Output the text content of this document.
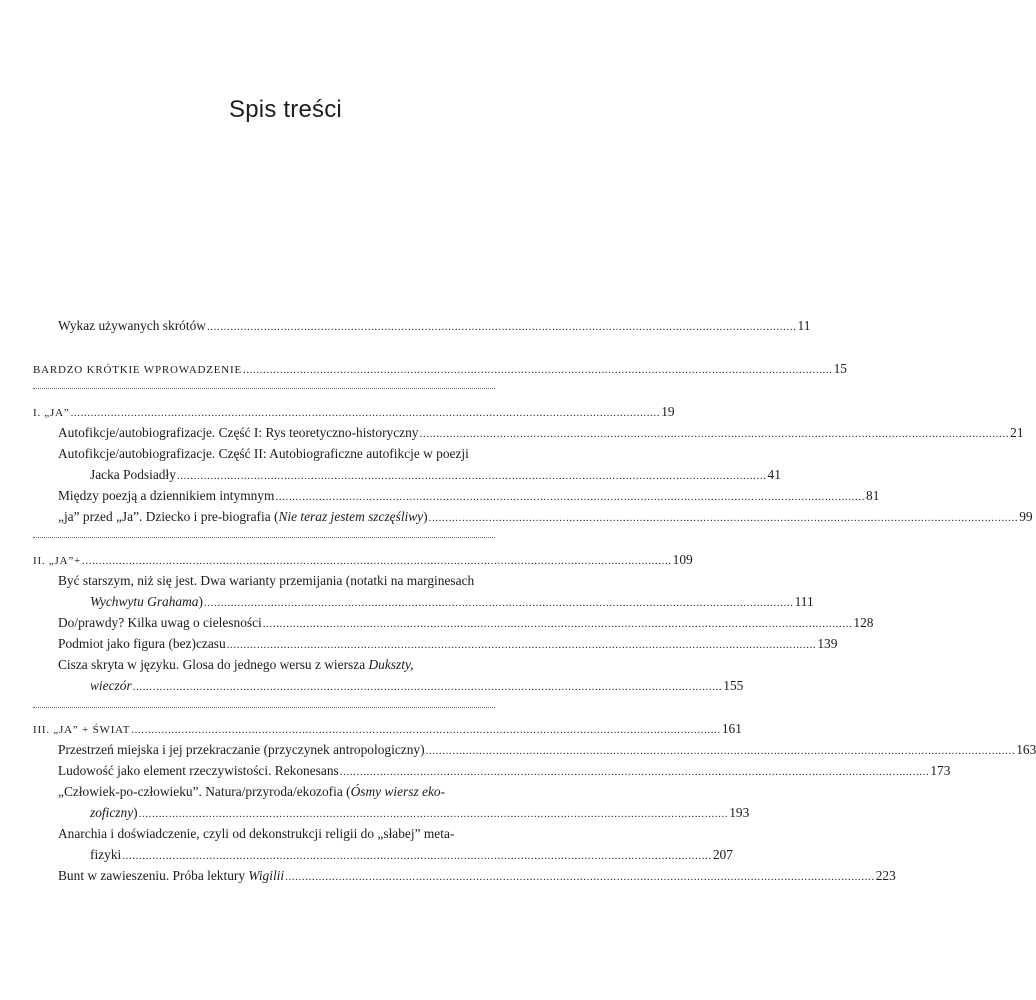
Spis treści
Wykaz używanych skrótów ................................................................................................................................................................................ 11
BARDZO KRÓTKIE WPROWADZENIE ................................................................................................................................................................................ 15
I.
„JA” ................................................................................................................................................................................ 19
Autofikcje/autobiografizacje. Część I: Rys teoretyczno-historyczny ................................................................................................................................................................................ 21
Autofikcje/autobiografizacje. Część II: Autobiograficzne autofikcje w poezji
Jacka Podsiadły ................................................................................................................................................................................ 41
Między poezją a dziennikiem intymnym ................................................................................................................................................................................ 81
„ja” przed „Ja”. Dziecko i pre-biografia (Nie teraz jestem szczęśliwy) ................................................................................................................................................................................ 99
II.
„JA”+ ................................................................................................................................................................................ 109
Być starszym, niż się jest. Dwa warianty przemijania (notatki na marginesach
Wychwytu Grahama) ................................................................................................................................................................................ 111
Do/prawdy? Kilka uwag o cielesności ................................................................................................................................................................................ 128
Podmiot jako figura (bez)czasu ................................................................................................................................................................................ 139
Cisza skryta w języku. Glosa do jednego wersu z wiersza Dukszty,
wieczór ................................................................................................................................................................................ 155
III.
„JA” + ŚWIAT ................................................................................................................................................................................ 161
Przestrzeń miejska i jej przekraczanie (przyczynek antropologiczny) ................................................................................................................................................................................ 163
Ludowość jako element rzeczywistości. Rekonesans ................................................................................................................................................................................ 173
„Człowiek-po-człowieku”. Natura/przyroda/ekozofia (Ósmy wiersz eko-
zoficzny) ................................................................................................................................................................................ 193
Anarchia i doświadczenie, czyli od dekonstrukcji religii do „słabej” meta-
fizyki ................................................................................................................................................................................ 207
Bunt w zawieszeniu. Próba lektury Wigilii ................................................................................................................................................................................ 223
